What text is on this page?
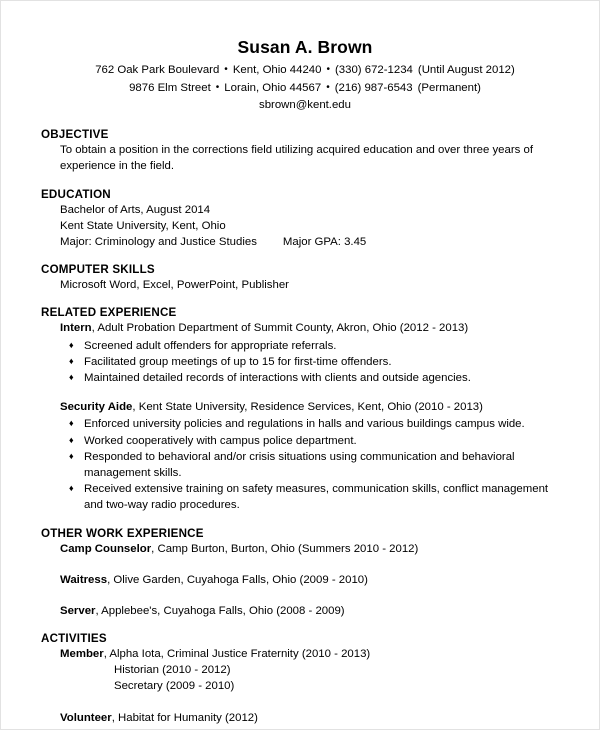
Susan A. Brown
762 Oak Park Boulevard • Kent, Ohio 44240 • (330) 672-1234 (Until August 2012)
9876 Elm Street • Lorain, Ohio 44567 • (216) 987-6543 (Permanent)
sbrown@kent.edu
OBJECTIVE
To obtain a position in the corrections field utilizing acquired education and over three years of experience in the field.
EDUCATION
Bachelor of Arts, August 2014
Kent State University, Kent, Ohio
Major: Criminology and Justice Studies Major GPA: 3.45
COMPUTER SKILLS
Microsoft Word, Excel, PowerPoint, Publisher
RELATED EXPERIENCE
Intern, Adult Probation Department of Summit County, Akron, Ohio (2012 - 2013)
♦ Screened adult offenders for appropriate referrals.
♦ Facilitated group meetings of up to 15 for first-time offenders.
♦ Maintained detailed records of interactions with clients and outside agencies.
Security Aide, Kent State University, Residence Services, Kent, Ohio (2010 - 2013)
♦ Enforced university policies and regulations in halls and various buildings campus wide.
♦ Worked cooperatively with campus police department.
♦ Responded to behavioral and/or crisis situations using communication and behavioral management skills.
♦ Received extensive training on safety measures, communication skills, conflict management and two-way radio procedures.
OTHER WORK EXPERIENCE
Camp Counselor, Camp Burton, Burton, Ohio (Summers 2010 - 2012)
Waitress, Olive Garden, Cuyahoga Falls, Ohio (2009 - 2010)
Server, Applebee's, Cuyahoga Falls, Ohio (2008 - 2009)
ACTIVITIES
Member, Alpha Iota, Criminal Justice Fraternity (2010 - 2013)
Historian (2010 - 2012)
Secretary (2009 - 2010)
Volunteer, Habitat for Humanity (2012)
